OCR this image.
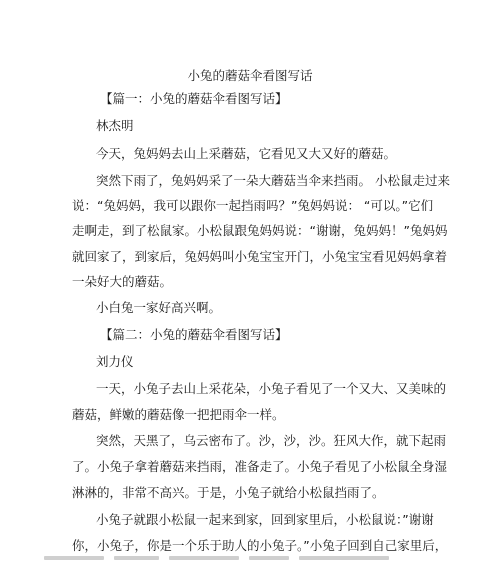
小兔的蘑菇伞看图写话

【篇一：小兔的蘑菇伞看图写话】

林杰明

今天，兔妈妈去山上采蘑菇，它看见又大又好的蘑菇。

突然下雨了，兔妈妈采了一朵大蘑菇当伞来挡雨。 小松鼠走过来

说：“兔妈妈，我可以跟你一起挡雨吗？”兔妈妈说： “可以。”它们

走啊走，到了松鼠家。小松鼠跟兔妈妈说：“谢谢，兔妈妈！”兔妈妈

就回家了，到家后，兔妈妈叫小兔宝宝开门，小兔宝宝看见妈妈拿着

一朵好大的蘑菇。

小白兔一家好高兴啊。

【篇二：小兔的蘑菇伞看图写话】

刘力仪

一天，小兔子去山上采花朵，小兔子看见了一个又大、又美味的

蘑菇，鲜嫩的蘑菇像一把把雨伞一样。

突然，天黑了，乌云密布了。沙，沙，沙。狂风大作，就下起雨

了。小兔子拿着蘑菇来挡雨，准备走了。小兔子看见了小松鼠全身湿

淋淋的，非常不高兴。于是，小兔子就给小松鼠挡雨了。

小兔子就跟小松鼠一起来到家，回到家里后，小松鼠说：”谢谢

你，小兔子，你是一个乐于助人的小兔子。”小兔子回到自己家里后，
